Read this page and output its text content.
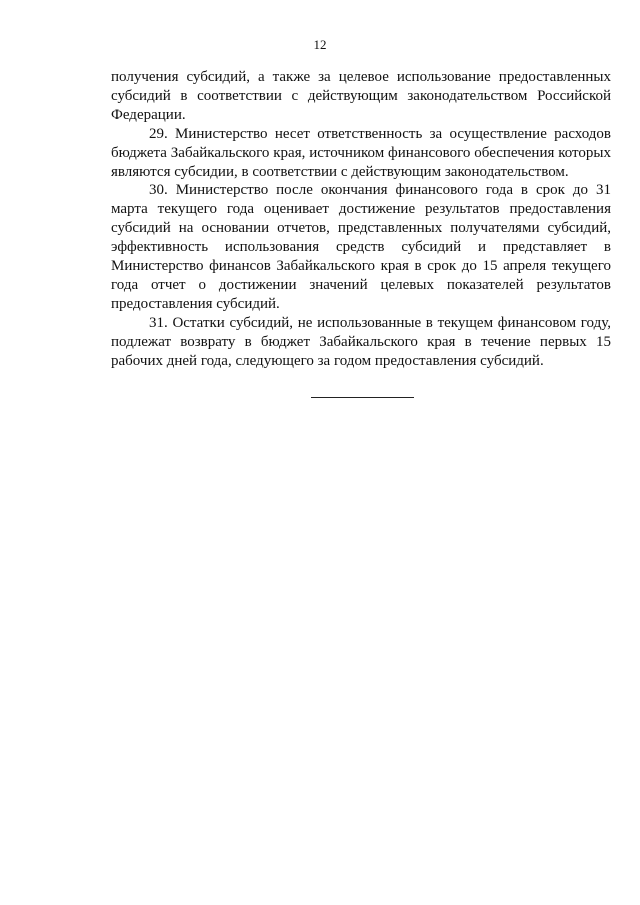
12

получения субсидий, а также за целевое использование предоставленных субсидий в соответствии с действующим законодательством Российской Федерации.

29. Министерство несет ответственность за осуществление расходов бюджета Забайкальского края, источником финансового обеспечения которых являются субсидии, в соответствии с действующим законодательством.

30. Министерство после окончания финансового года в срок до 31 марта текущего года оценивает достижение результатов предоставления субсидий на основании отчетов, представленных получателями субсидий, эффективность использования средств субсидий и представляет в Министерство финансов Забайкальского края в срок до 15 апреля текущего года отчет о достижении значений целевых показателей результатов предоставления субсидий.

31. Остатки субсидий, не использованные в текущем финансовом году, подлежат возврату в бюджет Забайкальского края в течение первых 15 рабочих дней года, следующего за годом предоставления субсидий.
